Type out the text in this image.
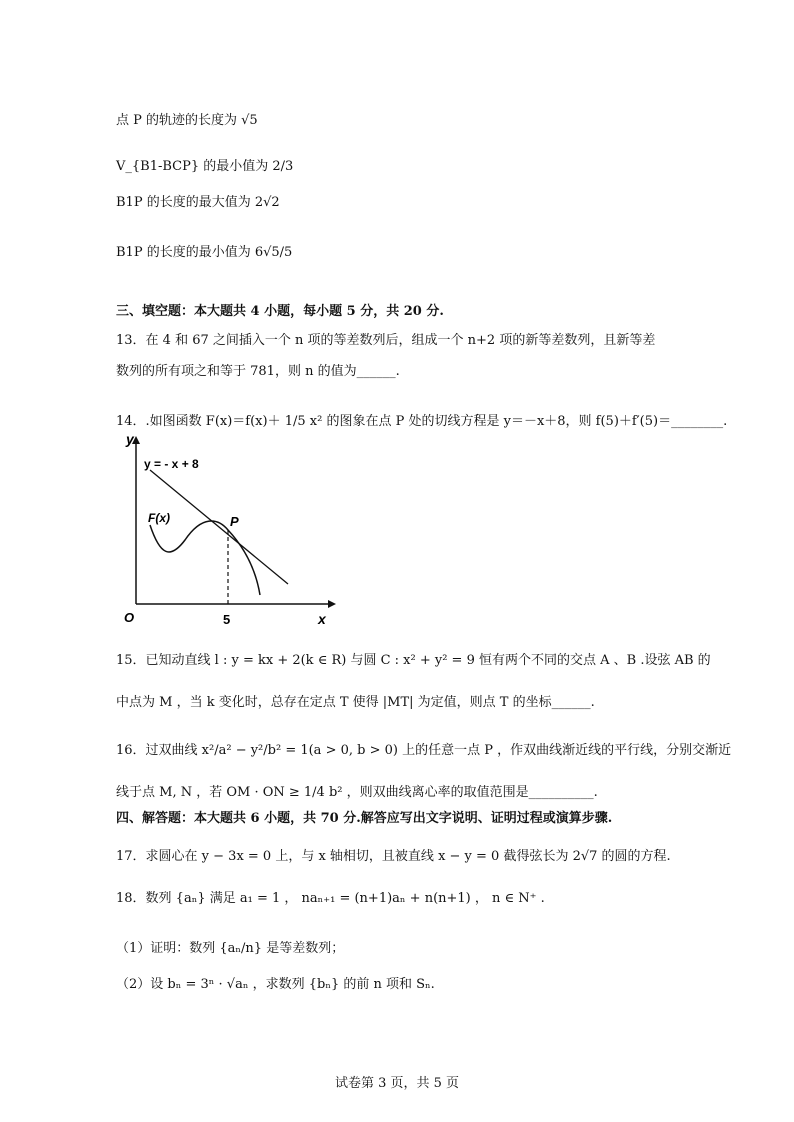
点 P 的轨迹的长度为 √5
V_{B1-BCP} 的最小值为 2/3
B1P 的长度的最大值为 2√2
B1P 的长度的最小值为 6√5/5
三、填空题：本大题共 4 小题，每小题 5 分，共 20 分.
13．在 4 和 67 之间插入一个 n 项的等差数列后，组成一个 n+2 项的新等差数列，且新等差
数列的所有项之和等于 781，则 n 的值为______.
14．.如图函数 F(x)＝f(x)＋ 1/5 x² 的图象在点 P 处的切线方程是 y＝－x＋8，则 f(5)＋f′(5)＝________.
y
x
O	5
y = - x + 8
F(x)	P
15．已知动直线 l : y = kx + 2(k ∈ R) 与圆 C : x² + y² = 9 恒有两个不同的交点 A 、B .设弦 AB 的
中点为 M ，当 k 变化时，总存在定点 T 使得 |MT| 为定值，则点 T 的坐标______.
16．过双曲线 x²/a² − y²/b² = 1(a > 0, b > 0) 上的任意一点 P ，作双曲线渐近线的平行线，分别交渐近
线于点 M, N ，若 OM · ON ≥ 1/4 b² ，则双曲线离心率的取值范围是__________.
四、解答题：本大题共 6 小题，共 70 分.解答应写出文字说明、证明过程或演算步骤.
17．求圆心在 y − 3x = 0 上，与 x 轴相切，且被直线 x − y = 0 截得弦长为 2√7 的圆的方程.
18．数列 {aₙ} 满足 a₁ = 1 ， naₙ₊₁ = (n+1)aₙ + n(n+1) ， n ∈ N⁺ .
（1）证明：数列 {aₙ/n} 是等差数列；
（2）设 bₙ = 3ⁿ · √aₙ ，求数列 {bₙ} 的前 n 项和 Sₙ.
试卷第 3 页，共 5 页
